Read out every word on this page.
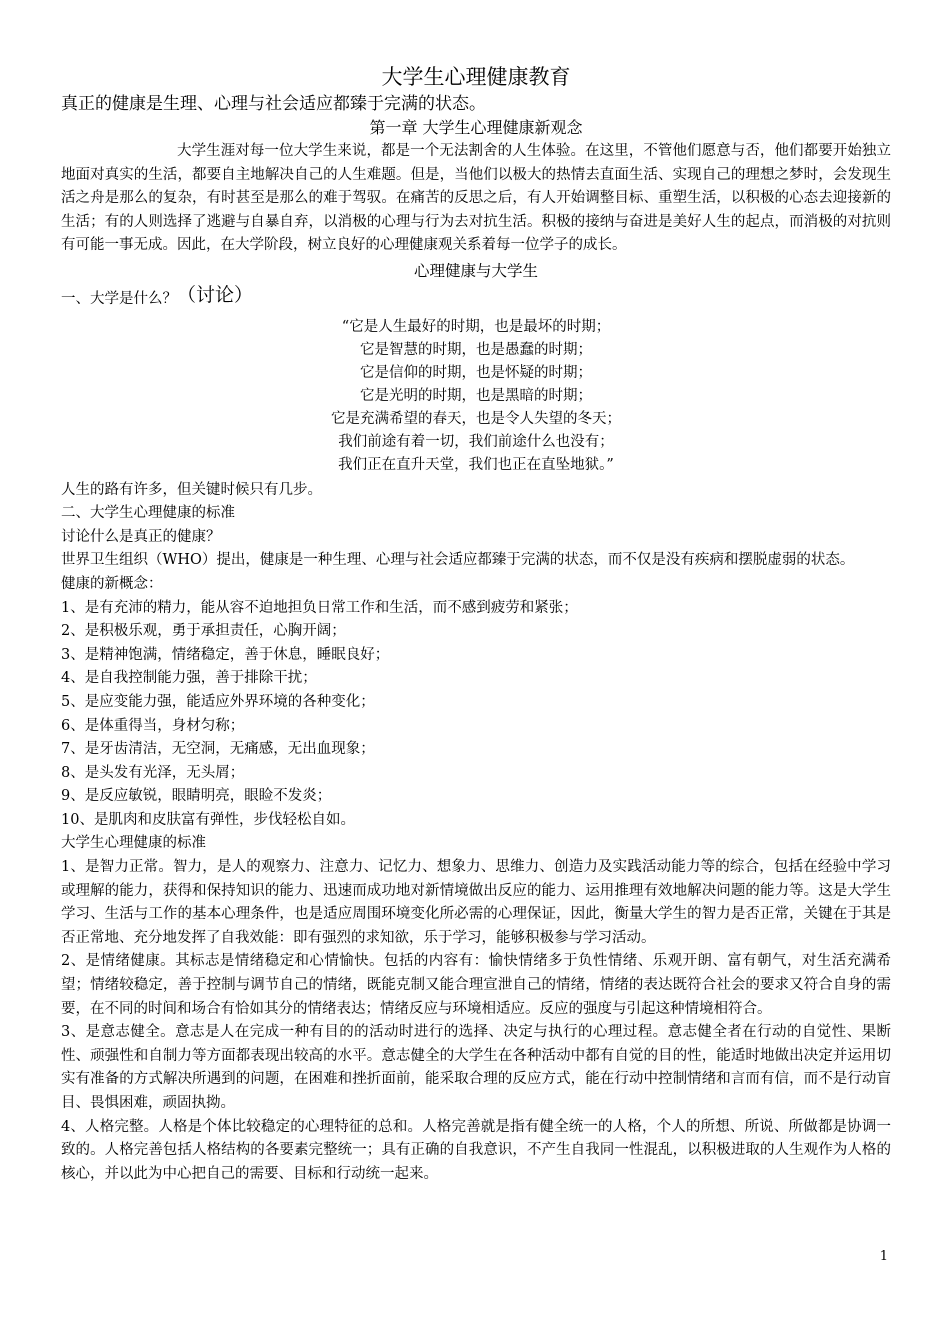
大学生心理健康教育

真正的健康是生理、心理与社会适应都臻于完满的状态。

第一章 大学生心理健康新观念

大学生涯对每一位大学生来说，都是一个无法割舍的人生体验。在这里，不管他们愿意与否，他们都要开始独立地面对真实的生活，都要自主地解决自己的人生难题。但是，当他们以极大的热情去直面生活、实现自己的理想之梦时，会发现生活之舟是那么的复杂，有时甚至是那么的难于驾驭。在痛苦的反思之后，有人开始调整目标、重塑生活，以积极的心态去迎接新的生活；有的人则选择了逃避与自暴自弃，以消极的心理与行为去对抗生活。积极的接纳与奋进是美好人生的起点，而消极的对抗则有可能一事无成。因此，在大学阶段，树立良好的心理健康观关系着每一位学子的成长。

心理健康与大学生

一、大学是什么？（讨论）

“它是人生最好的时期，也是最坏的时期；

它是智慧的时期，也是愚蠢的时期；

它是信仰的时期，也是怀疑的时期；

它是光明的时期，也是黑暗的时期；

它是充满希望的春天，也是令人失望的冬天；

我们前途有着一切，我们前途什么也没有；

我们正在直升天堂，我们也正在直坠地狱。”

人生的路有许多，但关键时候只有几步。

二、大学生心理健康的标准

讨论什么是真正的健康？

世界卫生组织（WHO）提出，健康是一种生理、心理与社会适应都臻于完满的状态，而不仅是没有疾病和摆脱虚弱的状态。

健康的新概念：

1、是有充沛的精力，能从容不迫地担负日常工作和生活，而不感到疲劳和紧张；

2、是积极乐观，勇于承担责任，心胸开阔；

3、是精神饱满，情绪稳定，善于休息，睡眠良好；

4、是自我控制能力强，善于排除干扰；

5、是应变能力强，能适应外界环境的各种变化；

6、是体重得当，身材匀称；

7、是牙齿清洁，无空洞，无痛感，无出血现象；

8、是头发有光泽，无头屑；

9、是反应敏锐，眼睛明亮，眼睑不发炎；

10、是肌肉和皮肤富有弹性，步伐轻松自如。

大学生心理健康的标准

1、是智力正常。智力，是人的观察力、注意力、记忆力、想象力、思维力、创造力及实践活动能力等的综合，包括在经验中学习或理解的能力，获得和保持知识的能力、迅速而成功地对新情境做出反应的能力、运用推理有效地解决问题的能力等。这是大学生学习、生活与工作的基本心理条件，也是适应周围环境变化所必需的心理保证，因此，衡量大学生的智力是否正常，关键在于其是否正常地、充分地发挥了自我效能：即有强烈的求知欲，乐于学习，能够积极参与学习活动。

2、是情绪健康。其标志是情绪稳定和心情愉快。包括的内容有：愉快情绪多于负性情绪、乐观开朗、富有朝气，对生活充满希望；情绪较稳定，善于控制与调节自己的情绪，既能克制又能合理宣泄自己的情绪，情绪的表达既符合社会的要求又符合自身的需要，在不同的时间和场合有恰如其分的情绪表达；情绪反应与环境相适应。反应的强度与引起这种情境相符合。

3、是意志健全。意志是人在完成一种有目的的活动时进行的选择、决定与执行的心理过程。意志健全者在行动的自觉性、果断性、顽强性和自制力等方面都表现出较高的水平。意志健全的大学生在各种活动中都有自觉的目的性，能适时地做出决定并运用切实有准备的方式解决所遇到的问题，在困难和挫折面前，能采取合理的反应方式，能在行动中控制情绪和言而有信，而不是行动盲目、畏惧困难，顽固执拗。

4、人格完整。人格是个体比较稳定的心理特征的总和。人格完善就是指有健全统一的人格，个人的所想、所说、所做都是协调一致的。人格完善包括人格结构的各要素完整统一；具有正确的自我意识，不产生自我同一性混乱，以积极进取的人生观作为人格的核心，并以此为中心把自己的需要、目标和行动统一起来。

1
